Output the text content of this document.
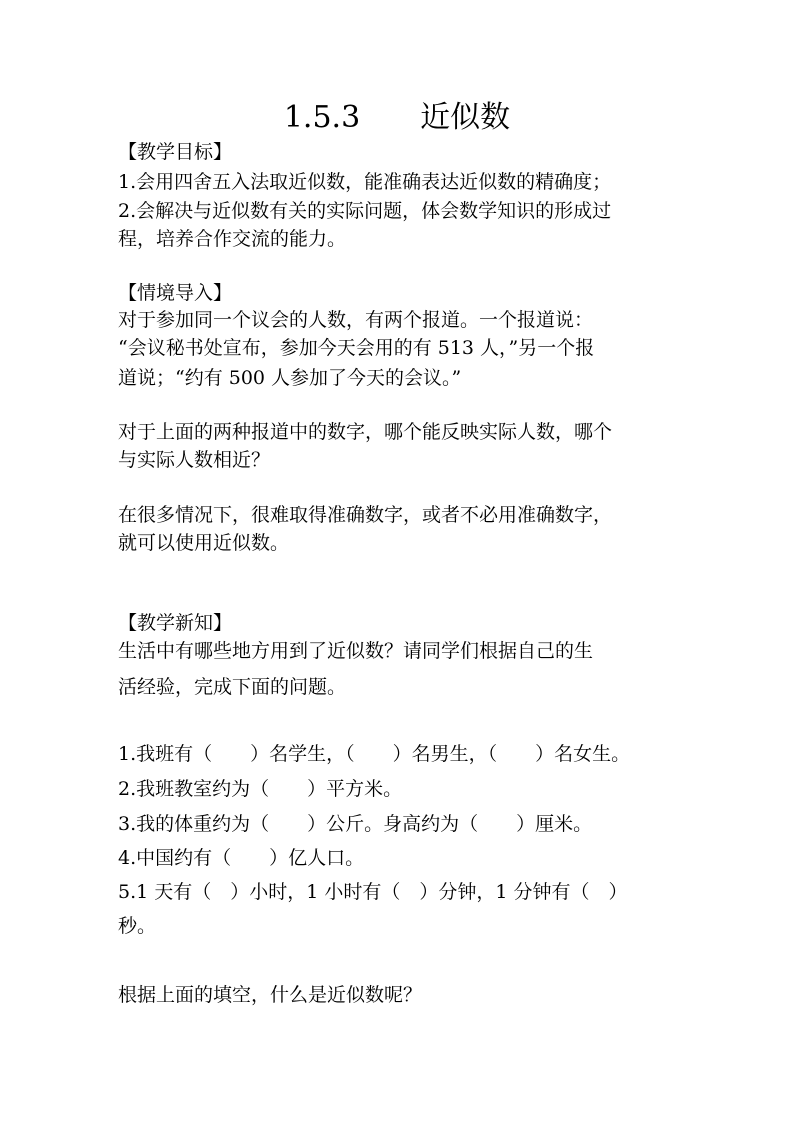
1.5.3　　近似数
【教学目标】
1.会用四舍五入法取近似数，能准确表达近似数的精确度；
2.会解决与近似数有关的实际问题，体会数学知识的形成过
程，培养合作交流的能力。
【情境导入】
对于参加同一个议会的人数，有两个报道。一个报道说：
“会议秘书处宣布，参加今天会用的有 513 人，”另一个报
道说；“约有 500 人参加了今天的会议。”
对于上面的两种报道中的数字，哪个能反映实际人数，哪个
与实际人数相近？
在很多情况下，很难取得准确数字，或者不必用准确数字，
就可以使用近似数。
【教学新知】
生活中有哪些地方用到了近似数？请同学们根据自己的生
活经验，完成下面的问题。
1.我班有（　　）名学生，（　　）名男生，（　　）名女生。
2.我班教室约为（　　）平方米。
3.我的体重约为（　　）公斤。身高约为（　　）厘米。
4.中国约有（　　）亿人口。
5.1 天有（　）小时，1 小时有（　）分钟，1 分钟有（　）
秒。
根据上面的填空，什么是近似数呢？
